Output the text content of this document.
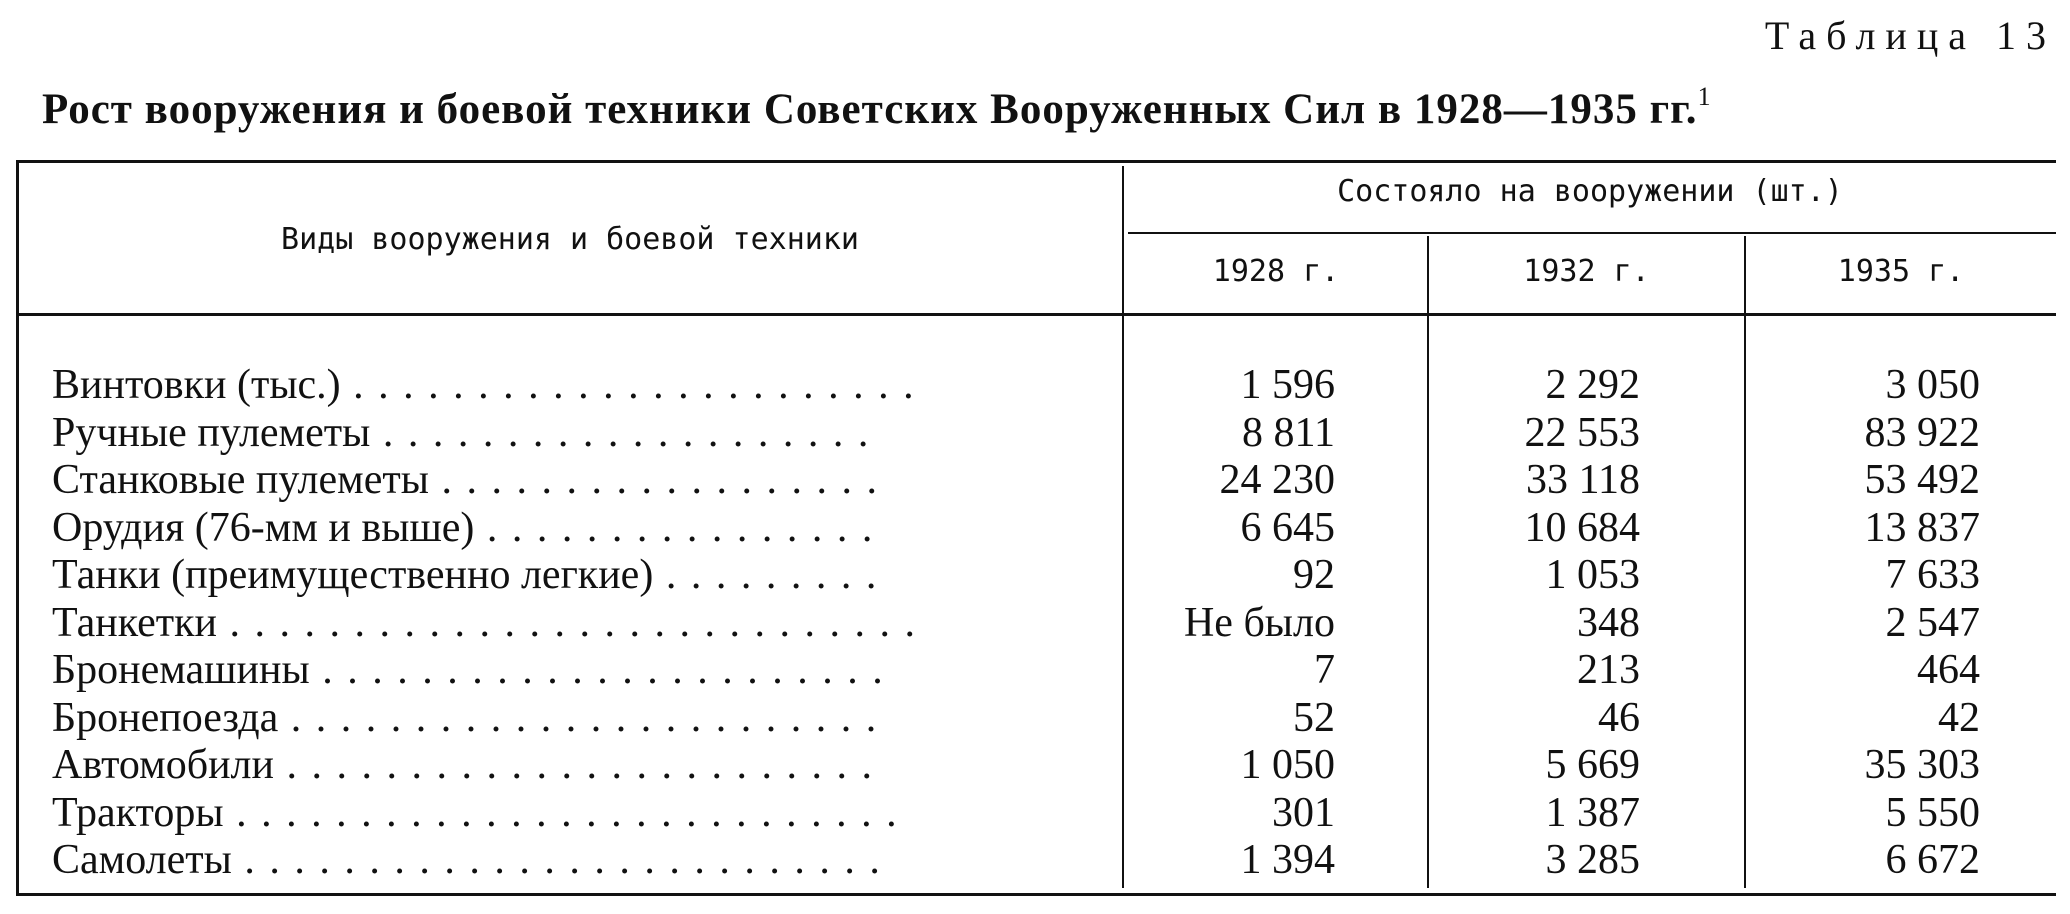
Таблица 13
Рост вооружения и боевой техники Советских Вооруженных Сил в 1928—1935 гг.$^1$
Виды вооружения и боевой техники
Состояло на вооружении (шт.)
1928 г.	1932 г.	1935 г.
Винтовки (тыс.) . . . . . . . . . . . . . . . . . . . . . . .	1 596	2 292	3 050
Ручные пулеметы . . . . . . . . . . . . . . . . . . . .	8 811	22 553	83 922
Станковые пулеметы . . . . . . . . . . . . . . . . . .	24 230	33 118	53 492
Орудия (76-мм и выше) . . . . . . . . . . . . . . . .	6 645	10 684	13 837
Танки (преимущественно легкие) . . . . . . . . .	92	1 053	7 633
Танкетки . . . . . . . . . . . . . . . . . . . . . . . . . . . .	Не было	348	2 547
Бронемашины . . . . . . . . . . . . . . . . . . . . . . .	7	213	464
Бронепоезда . . . . . . . . . . . . . . . . . . . . . . . .	52	46	42
Автомобили . . . . . . . . . . . . . . . . . . . . . . . .	1 050	5 669	35 303
Тракторы . . . . . . . . . . . . . . . . . . . . . . . . . . .	301	1 387	5 550
Самолеты . . . . . . . . . . . . . . . . . . . . . . . . . .	1 394	3 285	6 672
